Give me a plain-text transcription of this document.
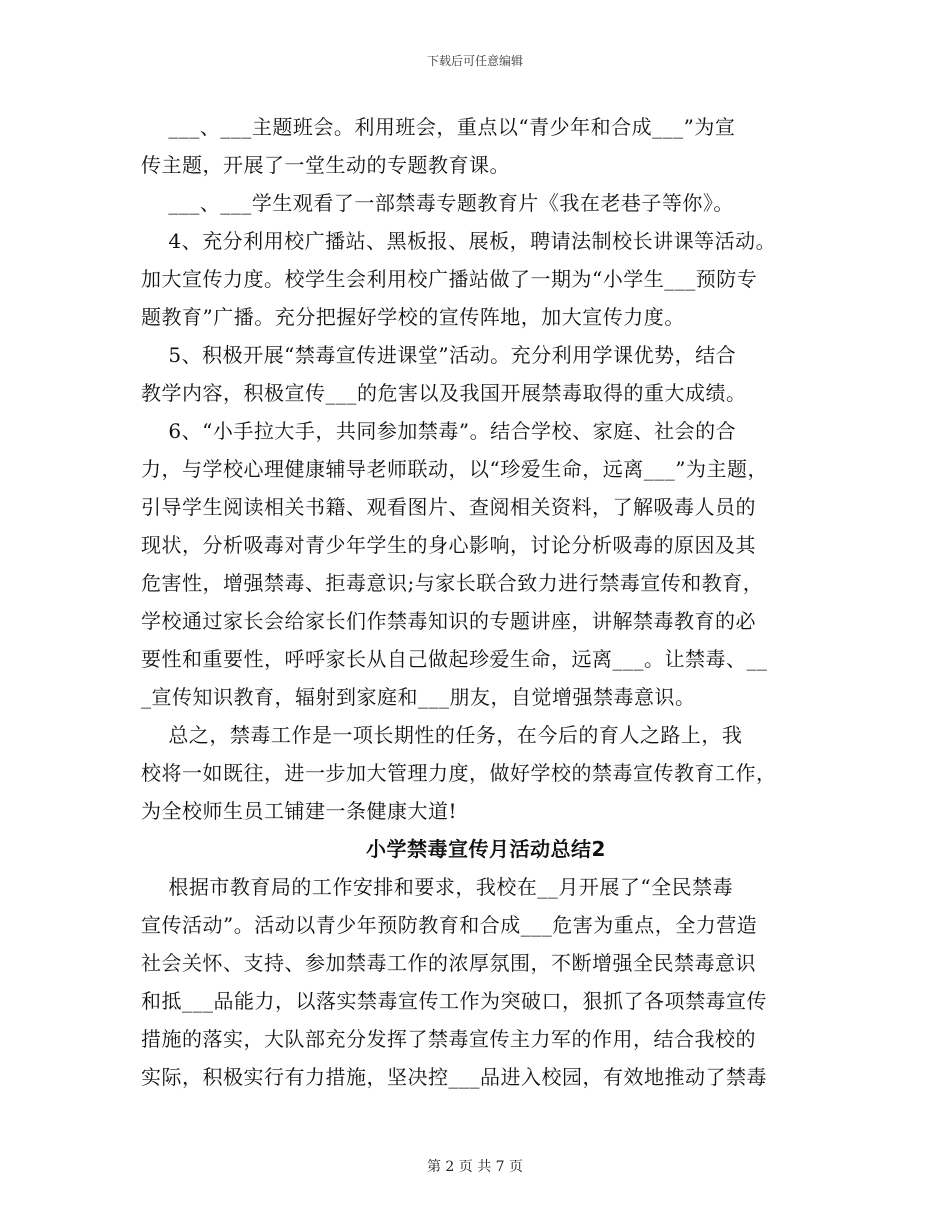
下载后可任意编辑

___、___主题班会。利用班会，重点以“青少年和合成___”为宣

传主题，开展了一堂生动的专题教育课。

___、___学生观看了一部禁毒专题教育片《我在老巷子等你》。

4、充分利用校广播站、黑板报、展板，聘请法制校长讲课等活动。

加大宣传力度。校学生会利用校广播站做了一期为“小学生___预防专

题教育”广播。充分把握好学校的宣传阵地，加大宣传力度。

5、积极开展“禁毒宣传进课堂”活动。充分利用学课优势，结合

教学内容，积极宣传___的危害以及我国开展禁毒取得的重大成绩。

6、“小手拉大手，共同参加禁毒”。结合学校、家庭、社会的合

力，与学校心理健康辅导老师联动，以“珍爱生命，远离___”为主题，

引导学生阅读相关书籍、观看图片、查阅相关资料，了解吸毒人员的

现状，分析吸毒对青少年学生的身心影响，讨论分析吸毒的原因及其

危害性，增强禁毒、拒毒意识;与家长联合致力进行禁毒宣传和教育，

学校通过家长会给家长们作禁毒知识的专题讲座，讲解禁毒教育的必

要性和重要性，呼呼家长从自己做起珍爱生命，远离___。让禁毒、__

_宣传知识教育，辐射到家庭和___朋友，自觉增强禁毒意识。

总之，禁毒工作是一项长期性的任务，在今后的育人之路上，我

校将一如既往，进一步加大管理力度，做好学校的禁毒宣传教育工作，

为全校师生员工铺建一条健康大道!

小学禁毒宣传月活动总结2

根据市教育局的工作安排和要求，我校在__月开展了“全民禁毒

宣传活动”。活动以青少年预防教育和合成___危害为重点，全力营造

社会关怀、支持、参加禁毒工作的浓厚氛围，不断增强全民禁毒意识

和抵___品能力，以落实禁毒宣传工作为突破口，狠抓了各项禁毒宣传

措施的落实，大队部充分发挥了禁毒宣传主力军的作用，结合我校的

实际，积极实行有力措施，坚决控___品进入校园，有效地推动了禁毒

第 2 页 共 7 页
